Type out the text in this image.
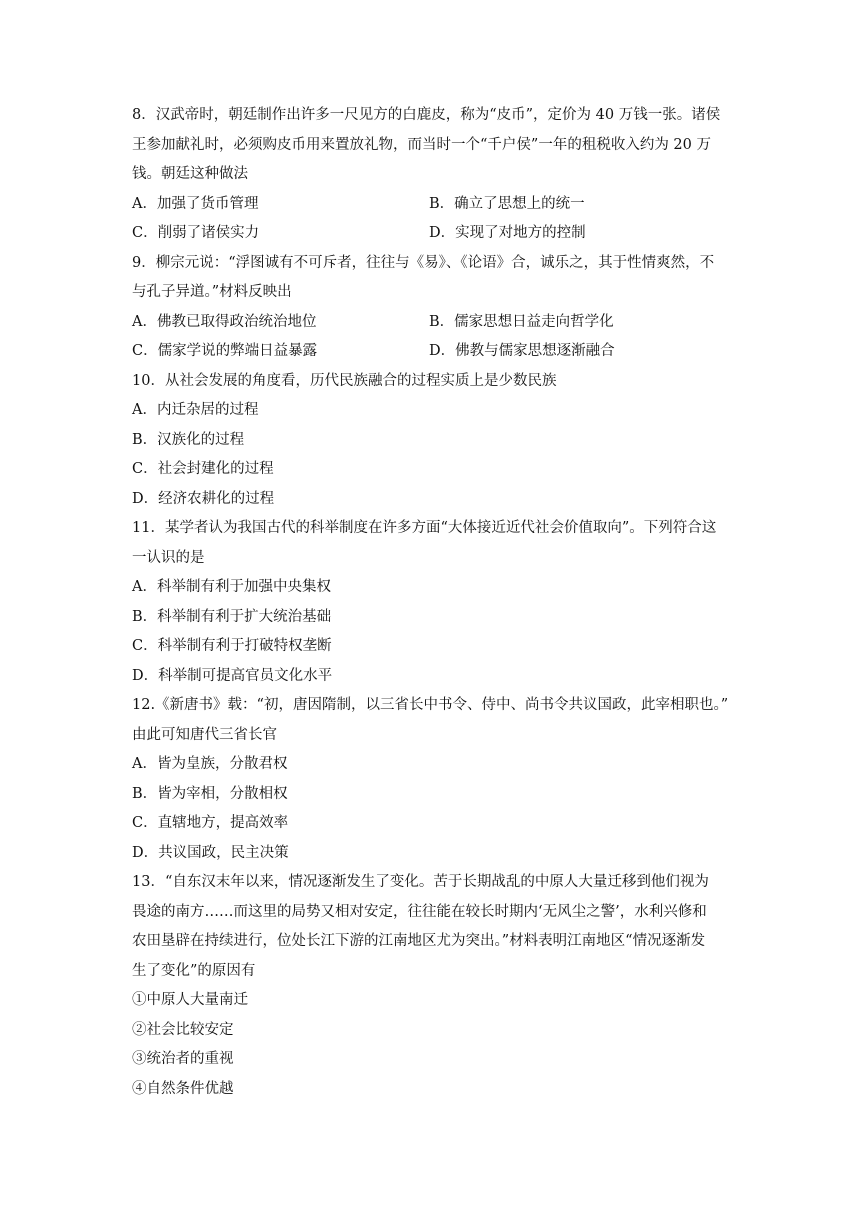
8．汉武帝时，朝廷制作出许多一尺见方的白鹿皮，称为“皮币”，定价为 40 万钱一张。诸侯
王参加献礼时，必须购皮币用来置放礼物，而当时一个“千户侯”一年的租税收入约为 20 万
钱。朝廷这种做法
A．加强了货币管理	B．确立了思想上的统一
C．削弱了诸侯实力	D．实现了对地方的控制
9．柳宗元说：“浮图诚有不可斥者，往往与《易》、《论语》合，诚乐之，其于性情爽然，不
与孔子异道。”材料反映出
A．佛教已取得政治统治地位	B．儒家思想日益走向哲学化
C．儒家学说的弊端日益暴露	D．佛教与儒家思想逐渐融合
10．从社会发展的角度看，历代民族融合的过程实质上是少数民族
A．内迁杂居的过程
B．汉族化的过程
C．社会封建化的过程
D．经济农耕化的过程
11．某学者认为我国古代的科举制度在许多方面“大体接近近代社会价值取向”。下列符合这
一认识的是
A．科举制有利于加强中央集权
B．科举制有利于扩大统治基础
C．科举制有利于打破特权垄断
D．科举制可提高官员文化水平
12.《新唐书》载：“初，唐因隋制，以三省长中书令、侍中、尚书令共议国政，此宰相职也。”
由此可知唐代三省长官
A．皆为皇族，分散君权
B．皆为宰相，分散相权
C．直辖地方，提高效率
D．共议国政，民主决策
13．“自东汉末年以来，情况逐渐发生了变化。苦于长期战乱的中原人大量迁移到他们视为
畏途的南方……而这里的局势又相对安定，往往能在较长时期内‘无风尘之警’，水利兴修和
农田垦辟在持续进行，位处长江下游的江南地区尤为突出。”材料表明江南地区“情况逐渐发
生了变化”的原因有
①中原人大量南迁
②社会比较安定
③统治者的重视
④自然条件优越
